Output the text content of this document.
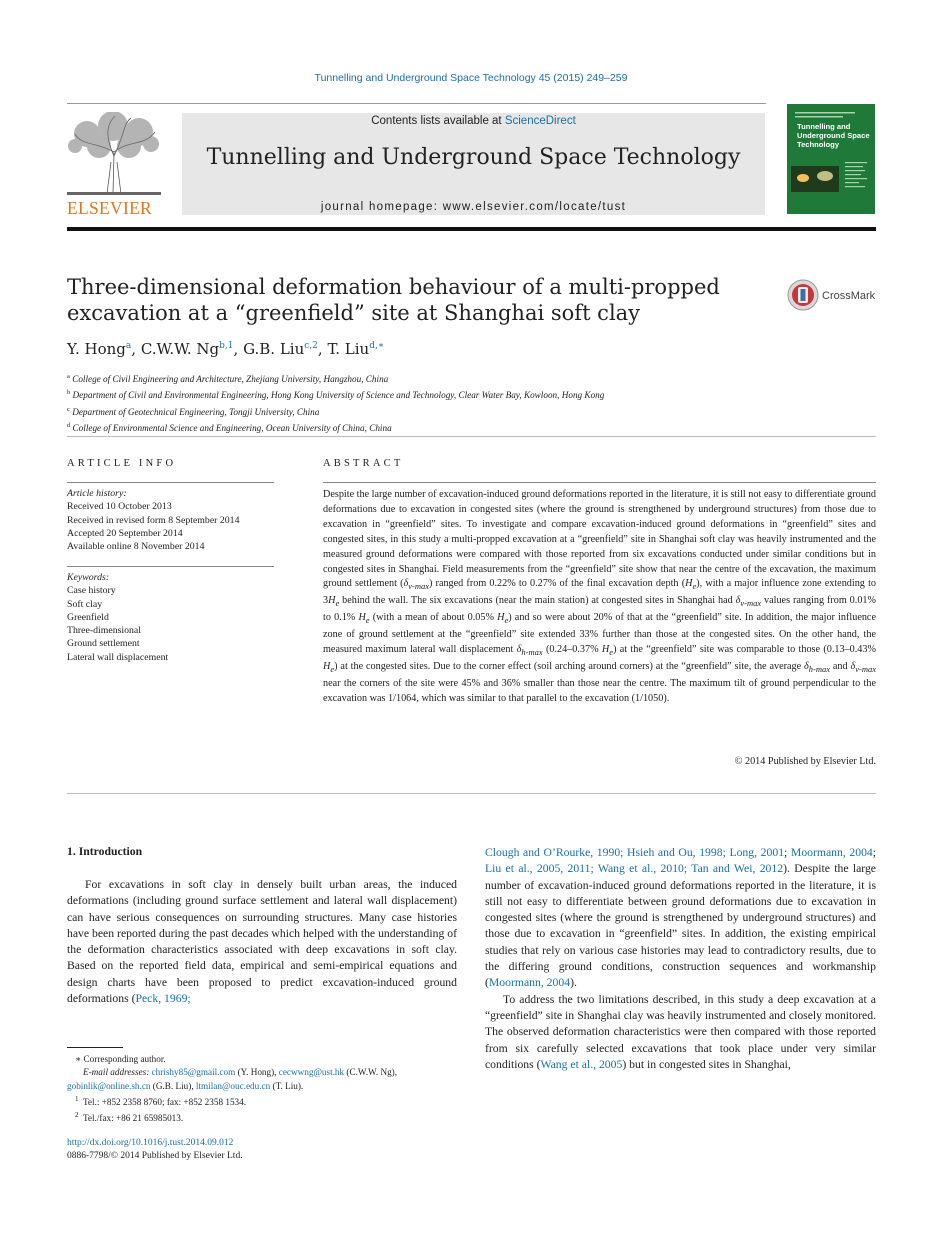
Tunnelling and Underground Space Technology 45 (2015) 249–259
ELSEVIER
Contents lists available at ScienceDirect
Tunnelling and Underground Space Technology
journal homepage: www.elsevier.com/locate/tust
Tunnelling and Underground Space Technology
Three-dimensional deformation behaviour of a multi-propped
excavation at a “greenfield” site at Shanghai soft clay
CrossMark
Y. Hong$^a$, C.W.W. Ng$^{b,1}$, G.B. Liu$^{c,2}$, T. Liu$^{d,∗}$
$^a$ College of Civil Engineering and Architecture, Zhejiang University, Hangzhou, China
$^b$ Department of Civil and Environmental Engineering, Hong Kong University of Science and Technology, Clear Water Bay, Kowloon, Hong Kong
$^c$ Department of Geotechnical Engineering, Tongji University, China
$^d$ College of Environmental Science and Engineering, Ocean University of China, China
ARTICLE INFO
Article history:
Received 10 October 2013
Received in revised form 8 September 2014
Accepted 20 September 2014
Available online 8 November 2014
Keywords:
Case history
Soft clay
Greenfield
Three-dimensional
Ground settlement
Lateral wall displacement
ABSTRACT
Despite the large number of excavation-induced ground deformations reported in the literature, it is still not easy to differentiate ground deformations due to excavation in congested sites (where the ground is strengthened by underground structures) from those due to excavation in “greenfield” sites. To investigate and compare excavation-induced ground deformations in “greenfield” sites and congested sites, in this study a multi-propped excavation at a “greenfield” site in Shanghai soft clay was heavily instrumented and the measured ground deformations were compared with those reported from six excavations conducted under similar conditions but in congested sites in Shanghai. Field measurements from the “greenfield” site show that near the centre of the excavation, the maximum ground settlement $(\delta_{v-max})$ ranged from 0.22% to 0.27% of the final excavation depth $(H_e)$, with a major influence zone extending to $3H_e$ behind the wall. The six excavations (near the main station) at congested sites in Shanghai had $\delta_{v-max}$ values ranging from 0.01% to 0.1% $H_e$ (with a mean of about 0.05% $H_e$) and so were about 20% of that at the “greenfield” site. In addition, the major influence zone of ground settlement at the “greenfield” site extended 33% further than those at the congested sites. On the other hand, the measured maximum lateral wall displacement $\delta_{h-max}$ (0.24–0.37% $H_e$) at the “greenfield” site was comparable to those (0.13–0.43% $H_e$) at the congested sites. Due to the corner effect (soil arching around corners) at the “greenfield” site, the average $\delta_{h-max}$ and $\delta_{v-max}$ near the corners of the site were 45% and 36% smaller than those near the centre. The maximum tilt of ground perpendicular to the excavation was 1/1064, which was similar to that parallel to the excavation (1/1050).
© 2014 Published by Elsevier Ltd.
1. Introduction

For excavations in soft clay in densely built urban areas, the induced deformations (including ground surface settlement and lateral wall displacement) can have serious consequences on surrounding structures. Many case histories have been reported during the past decades which helped with the understanding of the deformation characteristics associated with deep excavations in soft clay. Based on the reported field data, empirical and semi-empirical equations and design charts have been proposed to predict excavation-induced ground deformations (Peck, 1969;

Clough and O’Rourke, 1990; Hsieh and Ou, 1998; Long, 2001; Moormann, 2004; Liu et al., 2005, 2011; Wang et al., 2010; Tan and Wei, 2012). Despite the large number of excavation-induced ground deformations reported in the literature, it is still not easy to differentiate between ground deformations due to excavation in congested sites (where the ground is strengthened by underground structures) and those due to excavation in “greenfield” sites. In addition, the existing empirical studies that rely on various case histories may lead to contradictory results, due to the differing ground conditions, construction sequences and workmanship (Moormann, 2004).

To address the two limitations described, in this study a deep excavation at a “greenfield” site in Shanghai clay was heavily instrumented and closely monitored. The observed deformation characteristics were then compared with those reported from six carefully selected excavations that took place under very similar conditions (Wang et al., 2005) but in congested sites in Shanghai,

∗ Corresponding author.
E-mail addresses: chrishy85@gmail.com (Y. Hong), cecwwng@ust.hk (C.W.W. Ng), gobinlik@online.sh.cn (G.B. Liu), ltmilan@ouc.edu.cn (T. Liu).
$^1$ Tel.: +852 2358 8760; fax: +852 2358 1534.
$^2$ Tel./fax: +86 21 65985013.
http://dx.doi.org/10.1016/j.tust.2014.09.012
0886-7798/© 2014 Published by Elsevier Ltd.
